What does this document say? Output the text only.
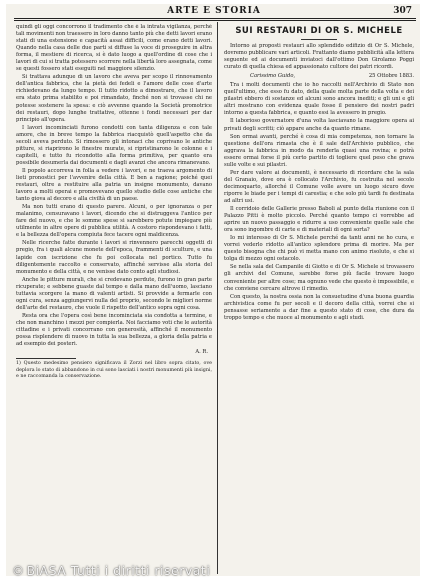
ARTE E STORIA	307

quindi gli oggi concorrono il tradimento che è la intrata vigilanza, perché tali movimenti non traessero in loro danno tanto più che detti lavori erano stati di una estensione e capacità assai difficili, come erano detti lavori. Quando nella casa delle due parti si diffuse la voce di proseguire in altra forma, il mestiere di ricerca, si è dato luogo a quell'ordine di cose che i lavori di cui si tratta potessero scorrere nella libertà loro assegnata, come se questi fossero stati eseguiti nel maggiore silenzio.

Si trattava adunque di un lavoro che aveva per scopo il rinnovamento dell'antica fabbrica, che la pietà dei fedeli e l'amore delle cose d'arte richiedevano da lungo tempo. Il tutto ridotto a dimostrare, che il lavoro era stato prima stabilito e poi rimandato, finché non si trovasse chi ne potesse sostenere la spesa: e ciò avvenne quando la Società promotrice dei restauri, dopo lunghe trattative, ottenne i fondi necessari per dar principio all'opera.

I lavori incominciati furono condotti con tanta diligenza e con tale amore, che in breve tempo la fabbrica riacquistò quell'aspetto che da secoli aveva perduto. Si rimossero gli intonaci che coprivano le antiche pitture, si riaprirono le finestre murate, si ripristinarono le colonne e i capitelli, e tutto fu ricondotto alla forma primitiva, per quanto era possibile desumerla dai documenti e dagli avanzi che ancora rimanevano.

Il popolo accorreva in folla a vedere i lavori, e ne traeva argomento di lieti pronostici per l'avvenire della città. E ben a ragione; poiché quei restauri, oltre a restituire alla patria un insigne monumento, davano lavoro a molti operai e promovevano quello studio delle cose antiche che tanto giova al decoro e alla civiltà di un paese.

Ma non tutti erano di questo parere. Alcuni, o per ignoranza o per malanimo, censuravano i lavori, dicendo che si distruggeva l'antico per fare del nuovo, e che le somme spese si sarebbero potute impiegare più utilmente in altre opere di pubblica utilità. A costoro rispondevano i fatti, e la bellezza dell'opera compiuta fece tacere ogni maldicenza.

Nelle ricerche fatte durante i lavori si rinvennero parecchi oggetti di pregio, fra i quali alcune monete dell'epoca, frammenti di sculture, e una lapide con iscrizione che fu poi collocata nel portico. Tutto fu diligentemente raccolto e conservato, affinché servisse alla storia del monumento e della città, e ne venisse dato conto agli studiosi.

Anche le pitture murali, che si credevano perdute, furono in gran parte ricuperate; e sebbene guaste dal tempo e dalla mano dell'uomo, lasciano tuttavia scorgere la mano di valenti artisti. Si provvide a fermarle con ogni cura, senza aggiungervi nulla del proprio, secondo le migliori norme dell'arte del restauro, che vuole il rispetto dell'antico sopra ogni cosa.

Resta ora che l'opera così bene incominciata sia condotta a termine, e che non manchino i mezzi per compierla. Noi facciamo voti che le autorità cittadine e i privati concorrano con generosità, affinché il monumento possa risplendere di nuovo in tutta la sua bellezza, a gloria della patria e ad esempio dei posteri.

A. R.
1) Questo medesimo pensiero significava il Zorzi nel libro sopra citato, ove deplora lo stato di abbandono in cui sono lasciati i nostri monumenti più insigni, e ne raccomanda la conservazione.
SUI RESTAURI DI OR S. MICHELE

Intorno ai proposti restauri allo splendido edifizio di Or S. Michele, dovremo pubblicare vari articoli. Frattanto diamo pubblicità alla lettera seguente ed ai documenti inviatoci dall'ottimo Don Girolamo Poggi curato di quella chiesa ed appassionato cultore dei patri ricordi.

Carissimo Guido,	25 Ottobre 1883.

Tra i molti documenti che io ho raccolti nell'Archivio di Stato non quell'ultimo, che esso fu dato, della quale molta parte della volta e dei pilastri ebbero di sostanze ed alcuni sono ancora inediti; e gli uni e gli altri mostrano con evidenza quale fosse il pensiero dei nostri padri intorno a questa fabbrica, e quanto essi la avessero in pregio.

Il laborioso governatore d'una volta lasciavano la maggiore opera ai privati degli scritti; ciò appare anche da quanto rimane.

Son ormai avanti, perché è cosa di mia competenza, non tornare la questione dell'ora rimasta che è il sale dell'Archivio pubblico, che aggrava la fabbrica in modo da renderla quasi una rovina; e potrà essere ormai forse il più certo partito di togliere quel peso che grava sulle volte e sui pilastri.

Per dare valore ai documenti, è necessario di ricordare che la sala del Granaio, dove ora è collocato l'Archivio, fu costruita nel secolo decimoquarto, allorché il Comune volle avere un luogo sicuro dove riporre le biade per i tempi di carestia; e che solo più tardi fu destinata ad altri usi.

Il corridoio delle Gallerie presso Baboli al punto della riunione con il Palazzo Pitti è molto piccolo. Perché quanto tempo ci vorrebbe ad aprire un nuovo passaggio e ridurre a uso conveniente quelle sale che ora sono ingombre di carte e di materiali di ogni sorta?

Io mi interesso di Or S. Michele perché da tanti anni ne ho cura, e vorrei vederlo ridotto all'antico splendore prima di morire. Ma per questo bisogna che chi può vi metta mano con animo risoluto, e che si tolga di mezzo ogni ostacolo.

Se nella sala del Campanile di Giotto e di Or S. Michele si trovassero gli archivi del Comune, sarebbe forse più facile trovare luogo conveniente per altre cose; ma ognuno vede che questo è impossibile, e che conviene cercare altrove il rimedio.

Con questo, la nostra ossia non la consuetudine d'una buona guardia archivistica come fu per secoli e il decoro della città, vorrei che si pensasse seriamente a dar fine a questo stato di cose, che dura da troppo tempo e che nuoce al monumento e agli studi.

© BiASA Tutti i diritti riservati
